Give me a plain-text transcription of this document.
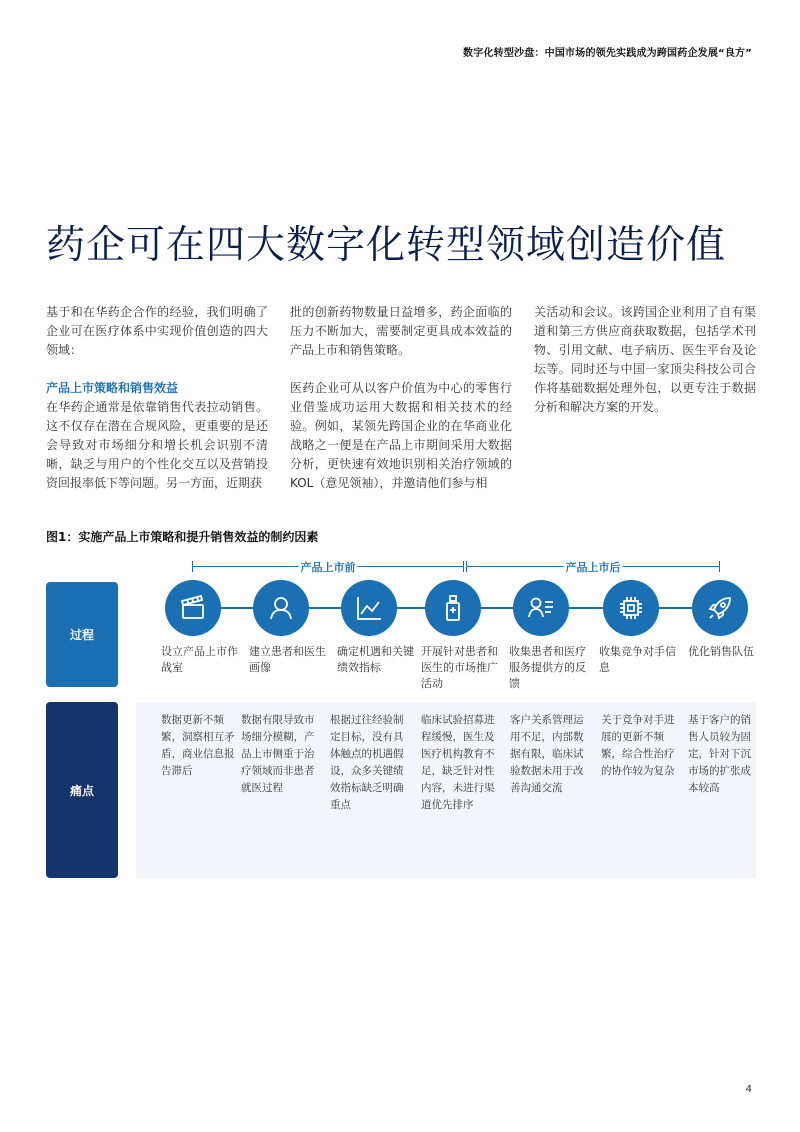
数字化转型沙盘：中国市场的领先实践成为跨国药企发展“良方”
药企可在四大数字化转型领域创造价值

基于和在华药企合作的经验，我们明确了企业可在医疗体系中实现价值创造的四大领域：

产品上市策略和销售效益

在华药企通常是依靠销售代表拉动销售。这不仅存在潜在合规风险，更重要的是还会导致对市场细分和增长机会识别不清晰，缺乏与用户的个性化交互以及营销投资回报率低下等问题。另一方面，近期获

批的创新药物数量日益增多，药企面临的压力不断加大，需要制定更具成本效益的产品上市和销售策略。

医药企业可从以客户价值为中心的零售行业借鉴成功运用大数据和相关技术的经验。例如，某领先跨国企业的在华商业化战略之一便是在产品上市期间采用大数据分析，更快速有效地识别相关治疗领域的KOL（意见领袖），并邀请他们参与相

关活动和会议。该跨国企业利用了自有渠道和第三方供应商获取数据，包括学术刊物、引用文献、电子病历、医生平台及论坛等。同时还与中国一家顶尖科技公司合作将基础数据处理外包，以更专注于数据分析和解决方案的开发。

图1：实施产品上市策略和提升销售效益的制约因素
产品上市前	产品上市后
过程
痛点
设立产品上市作战室
建立患者和医生画像
确定机遇和关键绩效指标
开展针对患者和医生的市场推广活动
收集患者和医疗服务提供方的反馈
收集竞争对手信息
优化销售队伍
数据更新不频繁，洞察相互矛盾，商业信息报告滞后
数据有限导致市场细分模糊，产品上市侧重于治疗领域而非患者就医过程
根据过往经验制定目标，没有具体触点的机遇假设，众多关键绩效指标缺乏明确重点
临床试验招募进程缓慢，医生及医疗机构教育不足，缺乏针对性内容，未进行渠道优先排序
客户关系管理运用不足，内部数据有限，临床试验数据未用于改善沟通交流
关于竞争对手进展的更新不频繁，综合性治疗的协作较为复杂
基于客户的销售人员较为固定，针对下沉市场的扩张成本较高
4
